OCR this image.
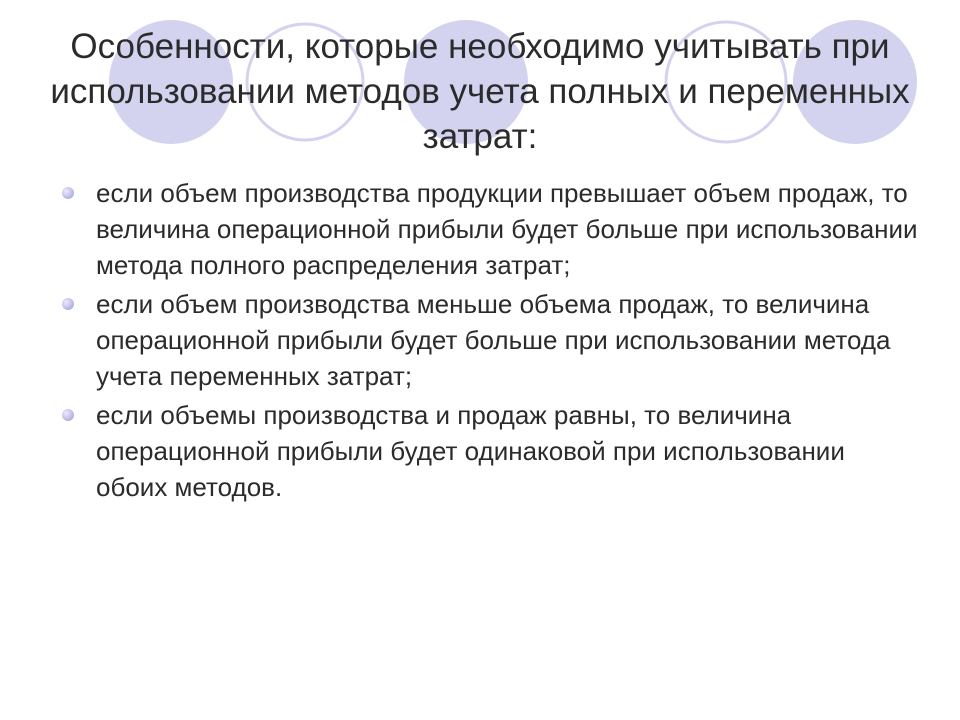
Особенности, которые необходимо учитывать при использовании методов учета полных и переменных затрат:
если объем производства продукции превышает объем продаж, то величина операционной прибыли будет больше при использовании метода полного распределения затрат;
если объем производства меньше объема продаж, то величина операционной прибыли будет больше при использовании метода учета переменных затрат;
если объемы производства и продаж равны, то величина операционной прибыли будет одинаковой при использовании обоих методов.
